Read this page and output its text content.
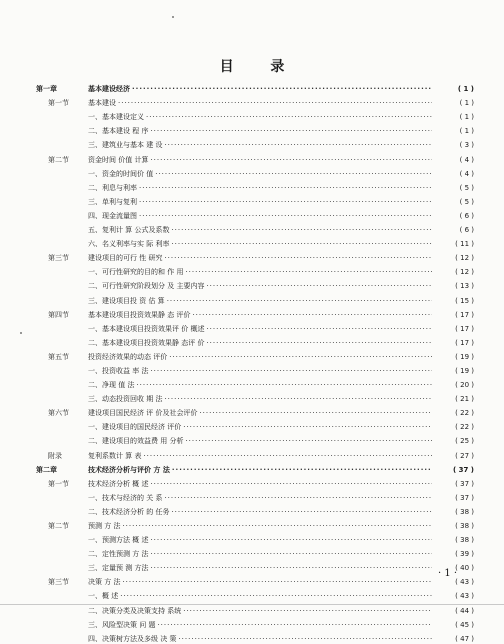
目 录
第一章	基本建设经济 ·····	( 1 )
第一节	基本建设 ·····	( 1 )
一、基本建设定义 ·····	( 1 )
二、基本建设 程 序 ·····	( 1 )
三、建筑业与基本 建 设 ·····	( 3 )
第二节	资金时间 价值 计算 ·····	( 4 )
一、资金的时间价 值 ·····	( 4 )
二、利息与利率 ·····	( 5 )
三、单利与复利 ·····	( 5 )
四、现金流量图 ·····	( 6 )
五、复利计 算 公式及系数 ·····	( 6 )
六、名义利率与实 际 利率 ·····	( 11 )
第三节	建设项目的可行 性 研究 ·····	( 12 )
一、可行性研究的目的和 作 用 ·····	( 12 )
二、可行性研究阶段划分 及 主要内容 ·····	( 13 )
三、建设项目投 资 估 算 ·····	( 15 )
第四节	基本建设项目投资效果静 态 评价 ·····	( 17 )
一、基本建设项目投资效果评 价 概述 ·····	( 17 )
二、基本建设项目投资效果静 态评 价 ·····	( 17 )
第五节	投资经济效果的动态 评价 ·····	( 19 )
一、投资收益 率 法 ·····	( 19 )
二、净现 值 法 ·····	( 20 )
三、动态投资回收 期 法 ·····	( 21 )
第六节	建设项目国民经济 评 价及社会评价 ·····	( 22 )
一、建设项目的国民经济 评价 ·····	( 22 )
二、建设项目的效益费 用 分析 ·····	( 25 )
附录	复利系数计 算 表 ·····	( 27 )
第二章	技术经济分析与评价 方 法 ·····	( 37 )
第一节	技术经济分析 概 述 ·····	( 37 )
一、技术与经济的 关 系 ·····	( 37 )
二、技术经济分析 的 任务 ·····	( 38 )
第二节	预测 方 法 ·····	( 38 )
一、预测方法 概 述 ·····	( 38 )
二、定性预测 方 法 ·····	( 39 )
三、定量预 测 方法 ·····	( 40 )
第三节	决策 方 法 ·····	( 43 )
一、概 述 ·····	( 43 )
二、决策分类及决策支持 系统 ·····	( 44 )
三、风险型决策 问 题 ·····	( 45 )
四、决策树方法及多级 决 策 ·····	( 47 )
· 1 ·
